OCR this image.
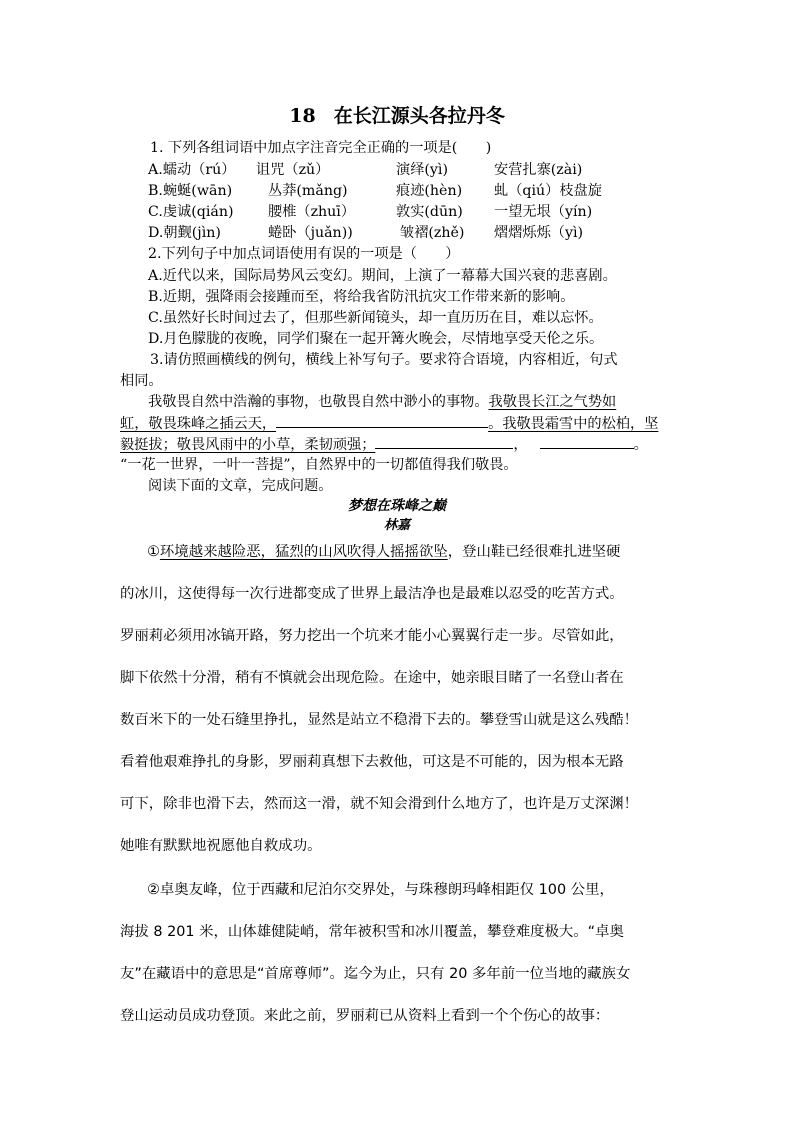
18 在长江源头各拉丹冬
1. 下列各组词语中加点字注音完全正确的一项是(　　)
A.蠕动（rú） 诅咒（zǔ）	演绎(yì)	安营扎寨(zài)
B.蜿蜒(wān)	丛莽(mǎng)	痕迹(hèn) 虬（qiú）枝盘旋
C.虔诚(qián) 腰椎（zhuī）	敦实(dūn) 一望无垠（yín)
D.朝觐(jìn)	蜷卧（juǎn))	皱褶(zhě) 熠熠烁烁（yì)
2.下列句子中加点词语使用有误的一项是（　　）
A.近代以来，国际局势风云变幻。期间，上演了一幕幕大国兴衰的悲喜剧。
B.近期，强降雨会接踵而至，将给我省防汛抗灾工作带来新的影响。
C.虽然好长时间过去了，但那些新闻镜头，却一直历历在目，难以忘怀。
D.月色朦胧的夜晚，同学们聚在一起开篝火晚会，尽情地享受天伦之乐。
3.请仿照画横线的例句，横线上补写句子。要求符合语境，内容相近，句式
相同。
我敬畏自然中浩瀚的事物，也敬畏自然中渺小的事物。我敬畏长江之气势如
虹，敬畏珠峰之插云天，	。我敬畏霜雪中的松柏，坚
毅挺拔；敬畏风雨中的小草，柔韧顽强；	，	。
“一花一世界，一叶一菩提”，自然界中的一切都值得我们敬畏。
阅读下面的文章，完成问题。
梦想在珠峰之巅
林嘉
①环境越来越险恶，猛烈的山风吹得人摇摇欲坠，登山鞋已经很难扎进坚硬
的冰川，这使得每一次行进都变成了世界上最洁净也是最难以忍受的吃苦方式。
罗丽莉必须用冰镐开路，努力挖出一个坑来才能小心翼翼行走一步。尽管如此，
脚下依然十分滑，稍有不慎就会出现危险。在途中，她亲眼目睹了一名登山者在
数百米下的一处石缝里挣扎，显然是站立不稳滑下去的。攀登雪山就是这么残酷！
看着他艰难挣扎的身影，罗丽莉真想下去救他，可这是不可能的，因为根本无路
可下，除非也滑下去，然而这一滑，就不知会滑到什么地方了，也许是万丈深渊！
她唯有默默地祝愿他自救成功。
②卓奥友峰，位于西藏和尼泊尔交界处，与珠穆朗玛峰相距仅 100 公里，
海拔 8 201 米，山体雄健陡峭，常年被积雪和冰川覆盖，攀登难度极大。“卓奥
友”在藏语中的意思是“首席尊师”。迄今为止，只有 20 多年前一位当地的藏族女
登山运动员成功登顶。来此之前，罗丽莉已从资料上看到一个个伤心的故事：
